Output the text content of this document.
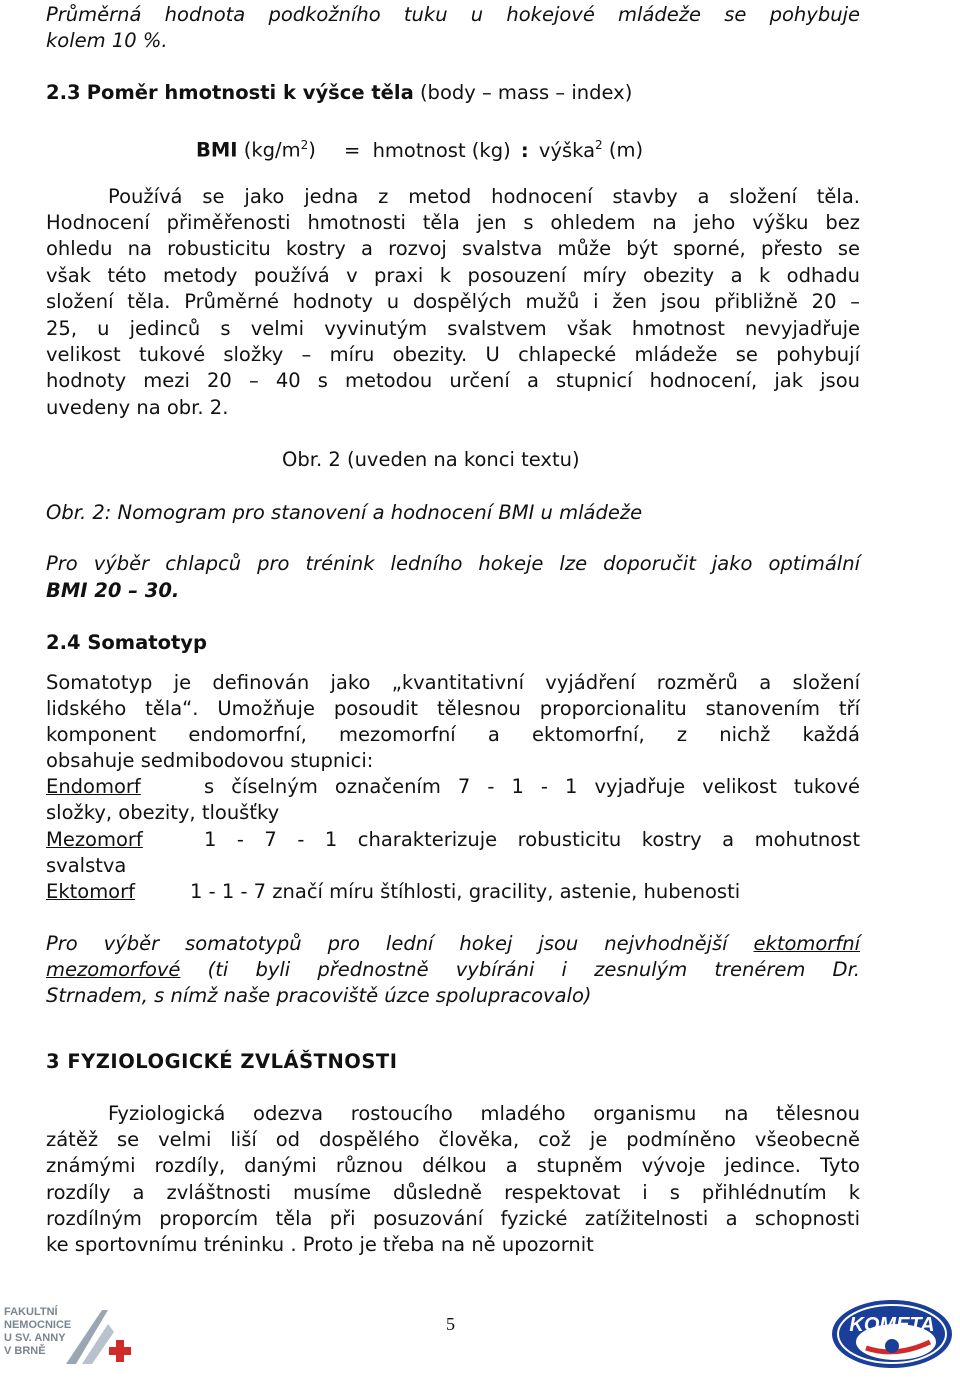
Průměrná hodnota podkožního tuku u hokejové mládeže se pohybuje

kolem 10 %.

2.3 Poměr hmotnosti k výšce těla (body – mass – index)

BMI $(kg/m^2)$ = hmotnost (kg) : výška$^2$ (m)

Používá se jako jedna z metod hodnocení stavby a složení těla.

Hodnocení přiměřenosti hmotnosti těla jen s ohledem na jeho výšku bez

ohledu na robusticitu kostry a rozvoj svalstva může být sporné, přesto se

však této metody používá v praxi k posouzení míry obezity a k odhadu

složení těla. Průměrné hodnoty u dospělých mužů i žen jsou přibližně 20 –

25, u jedinců s velmi vyvinutým svalstvem však hmotnost nevyjadřuje

velikost tukové složky – míru obezity. U chlapecké mládeže se pohybují

hodnoty mezi 20 – 40 s metodou určení a stupnicí hodnocení, jak jsou

uvedeny na obr. 2.

Obr. 2 (uveden na konci textu)

Obr. 2: Nomogram pro stanovení a hodnocení BMI u mládeže

Pro výběr chlapců pro trénink ledního hokeje lze doporučit jako optimální

BMI 20 – 30.

2.4 Somatotyp

Somatotyp je definován jako „kvantitativní vyjádření rozměrů a složení

lidského těla“. Umožňuje posoudit tělesnou proporcionalitu stanovením tří

komponent endomorfní, mezomorfní a ektomorfní, z nichž každá

obsahuje sedmibodovou stupnici:

Endomorf	s číselným označením 7 - 1 - 1 vyjadřuje velikost tukové

složky, obezity, tloušťky

Mezomorf	1 - 7 - 1 charakterizuje robusticitu kostry a mohutnost

svalstva

Ektomorf	1 - 1 - 7 značí míru štíhlosti, gracility, astenie, hubenosti

Pro výběr somatotypů pro lední hokej jsou nejvhodnější ektomorfní

mezomorfové (ti byli přednostně vybíráni i zesnulým trenérem Dr.

Strnadem, s nímž naše pracoviště úzce spolupracovalo)

3 FYZIOLOGICKÉ ZVLÁŠTNOSTI

Fyziologická odezva rostoucího mladého organismu na tělesnou

zátěž se velmi liší od dospělého člověka, což je podmíněno všeobecně

známými rozdíly, danými různou délkou a stupněm vývoje jedince. Tyto

rozdíly a zvláštnosti musíme důsledně respektovat i s přihlédnutím k

rozdílným proporcím těla při posuzování fyzické zatížitelnosti a schopnosti

ke sportovnímu tréninku . Proto je třeba na ně upozornit

FAKULTNÍ
NEMOCNICE
U SV. ANNY
V BRNĚ
5	KOMETA
